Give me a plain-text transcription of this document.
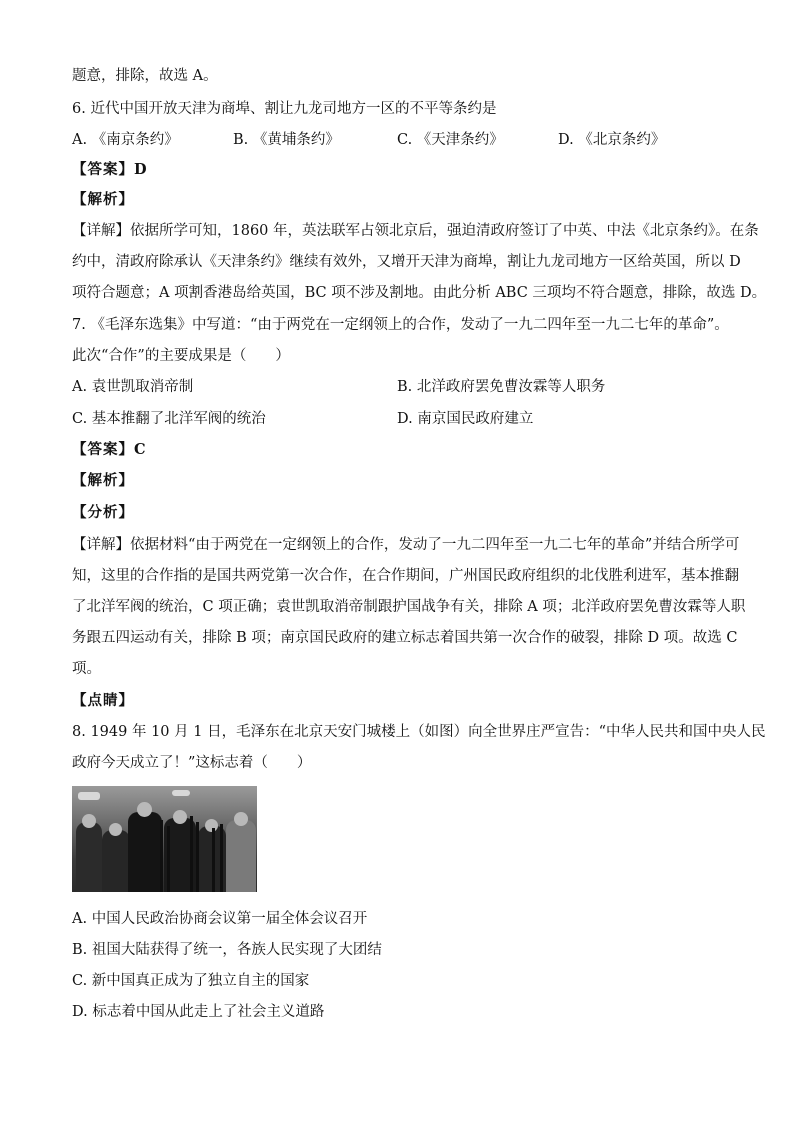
题意，排除，故选 A。
6. 近代中国开放天津为商埠、割让九龙司地方一区的不平等条约是
A. 《南京条约》	B. 《黄埔条约》	C. 《天津条约》	D. 《北京条约》
【答案】D
【解析】
【详解】依据所学可知，1860 年，英法联军占领北京后，强迫清政府签订了中英、中法《北京条约》。在条
约中，清政府除承认《天津条约》继续有效外，又增开天津为商埠，割让九龙司地方一区给英国，所以 D
项符合题意；A 项割香港岛给英国，BC 项不涉及割地。由此分析 ABC 三项均不符合题意，排除，故选 D。
7. 《毛泽东选集》中写道：“由于两党在一定纲领上的合作，发动了一九二四年至一九二七年的革命”。
此次“合作”的主要成果是（　　）
A. 袁世凯取消帝制	B. 北洋政府罢免曹汝霖等人职务
C. 基本推翻了北洋军阀的统治	D. 南京国民政府建立
【答案】C
【解析】
【分析】
【详解】依据材料“由于两党在一定纲领上的合作，发动了一九二四年至一九二七年的革命”并结合所学可
知，这里的合作指的是国共两党第一次合作，在合作期间，广州国民政府组织的北伐胜利进军，基本推翻
了北洋军阀的统治，C 项正确；袁世凯取消帝制跟护国战争有关，排除 A 项；北洋政府罢免曹汝霖等人职
务跟五四运动有关，排除 B 项；南京国民政府的建立标志着国共第一次合作的破裂，排除 D 项。故选 C
项。
【点睛】
8. 1949 年 10 月 1 日，毛泽东在北京天安门城楼上（如图）向全世界庄严宣告：“中华人民共和国中央人民
政府今天成立了！”这标志着（　　）
A. 中国人民政治协商会议第一届全体会议召开
B. 祖国大陆获得了统一，各族人民实现了大团结
C. 新中国真正成为了独立自主的国家
D. 标志着中国从此走上了社会主义道路
